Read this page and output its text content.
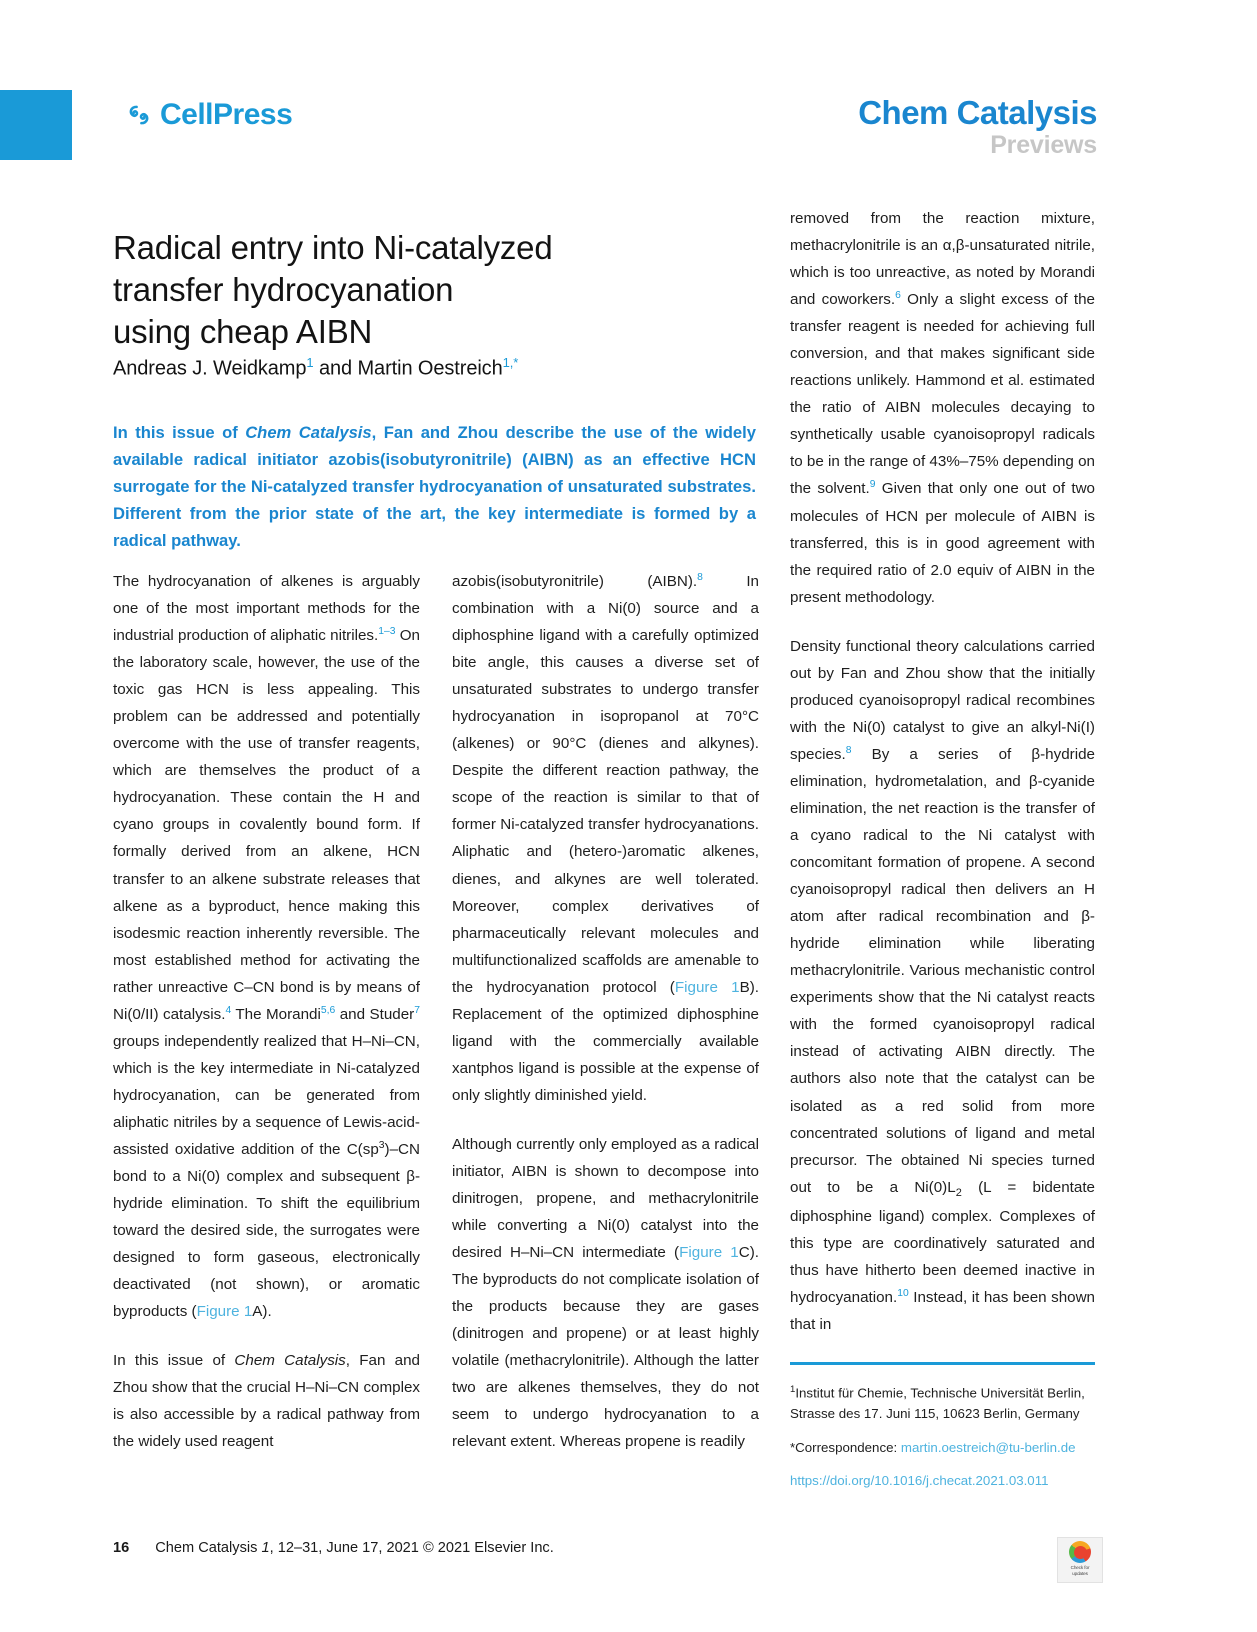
CellPress	Chem Catalysis
Previews
Radical entry into Ni-catalyzed
transfer hydrocyanation
using cheap AIBN
Andreas J. Weidkamp$^1$ and Martin Oestreich$^{1,*}$
In this issue of Chem Catalysis, Fan and Zhou describe the use of the widely available radical initiator azobis(isobutyronitrile) (AIBN) as an effective HCN surrogate for the Ni-catalyzed transfer hydrocyanation of unsaturated substrates. Different from the prior state of the art, the key intermediate is formed by a radical pathway.

The hydrocyanation of alkenes is arguably one of the most important methods for the industrial production of aliphatic nitriles.$^{1-3}$ On the laboratory scale, however, the use of the toxic gas HCN is less appealing. This problem can be addressed and potentially overcome with the use of transfer reagents, which are themselves the product of a hydrocyanation. These contain the H and cyano groups in covalently bound form. If formally derived from an alkene, HCN transfer to an alkene substrate releases that alkene as a byproduct, hence making this isodesmic reaction inherently reversible. The most established method for activating the rather unreactive C–CN bond is by means of Ni(0/II) catalysis.$^4$ The Morandi$^{5,6}$ and Studer$^7$ groups independently realized that H–Ni–CN, which is the key intermediate in Ni-catalyzed hydrocyanation, can be generated from aliphatic nitriles by a sequence of Lewis-acid-assisted oxidative addition of the $C(sp^3)-CN$ bond to a Ni(0) complex and subsequent β-hydride elimination. To shift the equilibrium toward the desired side, the surrogates were designed to form gaseous, electronically deactivated (not shown), or aromatic byproducts (Figure 1A).

In this issue of Chem Catalysis, Fan and Zhou show that the crucial H–Ni–CN complex is also accessible by a radical pathway from the widely used reagent

azobis(isobutyronitrile) (AIBN).$^8$ In combination with a Ni(0) source and a diphosphine ligand with a carefully optimized bite angle, this causes a diverse set of unsaturated substrates to undergo transfer hydrocyanation in isopropanol at 70°C (alkenes) or 90°C (dienes and alkynes). Despite the different reaction pathway, the scope of the reaction is similar to that of former Ni-catalyzed transfer hydrocyanations. Aliphatic and (hetero-)aromatic alkenes, dienes, and alkynes are well tolerated. Moreover, complex derivatives of pharmaceutically relevant molecules and multifunctionalized scaffolds are amenable to the hydrocyanation protocol (Figure 1B). Replacement of the optimized diphosphine ligand with the commercially available xantphos ligand is possible at the expense of only slightly diminished yield.

Although currently only employed as a radical initiator, AIBN is shown to decompose into dinitrogen, propene, and methacrylonitrile while converting a Ni(0) catalyst into the desired H–Ni–CN intermediate (Figure 1C). The byproducts do not complicate isolation of the products because they are gases (dinitrogen and propene) or at least highly volatile (methacrylonitrile). Although the latter two are alkenes themselves, they do not seem to undergo hydrocyanation to a relevant extent. Whereas propene is readily

removed from the reaction mixture, methacrylonitrile is an α,β-unsaturated nitrile, which is too unreactive, as noted by Morandi and coworkers.$^6$ Only a slight excess of the transfer reagent is needed for achieving full conversion, and that makes significant side reactions unlikely. Hammond et al. estimated the ratio of AIBN molecules decaying to synthetically usable cyanoisopropyl radicals to be in the range of 43%–75% depending on the solvent.$^9$ Given that only one out of two molecules of HCN per molecule of AIBN is transferred, this is in good agreement with the required ratio of 2.0 equiv of AIBN in the present methodology.

Density functional theory calculations carried out by Fan and Zhou show that the initially produced cyanoisopropyl radical recombines with the Ni(0) catalyst to give an alkyl-Ni(I) species.$^8$ By a series of β-hydride elimination, hydrometalation, and β-cyanide elimination, the net reaction is the transfer of a cyano radical to the Ni catalyst with concomitant formation of propene. A second cyanoisopropyl radical then delivers an H atom after radical recombination and β-hydride elimination while liberating methacrylonitrile. Various mechanistic control experiments show that the Ni catalyst reacts with the formed cyanoisopropyl radical instead of activating AIBN directly. The authors also note that the catalyst can be isolated as a red solid from more concentrated solutions of ligand and metal precursor. The obtained Ni species turned out to be a $Ni(0)L_2$ (L = bidentate diphosphine ligand) complex. Complexes of this type are coordinatively saturated and thus have hitherto been deemed inactive in hydrocyanation.$^{10}$ Instead, it has been shown that in

$^1$Institut für Chemie, Technische Universität Berlin, Strasse des 17. Juni 115, 10623 Berlin, Germany

*Correspondence: martin.oestreich@tu-berlin.de

https://doi.org/10.1016/j.checat.2021.03.011

16 Chem Catalysis 1, 12–31, June 17, 2021 © 2021 Elsevier Inc.
Check for
updates
